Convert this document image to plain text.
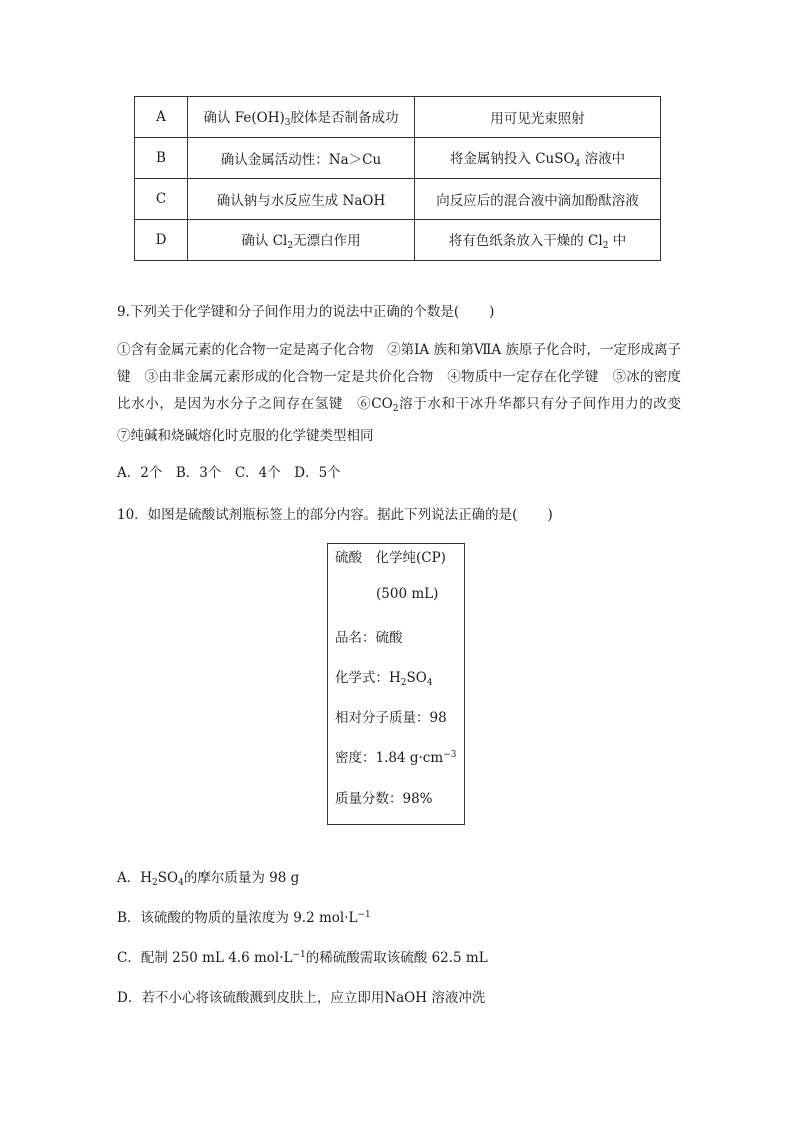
A	确认 $Fe(OH)_3$胶体是否制备成功	用可见光束照射
B	确认金属活动性：Na＞Cu	将金属钠投入 CuSO$_4$ 溶液中
C	确认钠与水反应生成 NaOH	向反应后的混合液中滴加酚酞溶液
D	确认 $Cl_2$无漂白作用	将有色纸条放入干燥的 $Cl_2$ 中
9.下列关于化学键和分子间作用力的说法中正确的个数是( )
①含有金属元素的化合物一定是离子化合物　②第ⅠA 族和第ⅦA 族原子化合时，一定形成离子键　③由非金属元素形成的化合物一定是共价化合物　④物质中一定存在化学键　⑤冰的密度比水小，是因为水分子之间存在氢键　$⑥CO_2$溶于水和干冰升华都只有分子间作用力的改变　⑦纯碱和烧碱熔化时克服的化学键类型相同
A．2个　B．3个　C．4个　D．5个
10．如图是硫酸试剂瓶标签上的部分内容。据此下列说法正确的是( )
硫酸　化学纯(CP)
(500 mL)
品名：硫酸
化学式：$H_2SO_4$
相对分子质量：98
密度：1.84 $g\cdot cm^{-3}$
质量分数：98%
A．$H_2SO_4$的摩尔质量为 98 g
B．该硫酸的物质的量浓度为 9.2 $mol\cdot L^{-1}$
C．配制 250 mL 4.6 $mol\cdot L^{-1}$的稀硫酸需取该硫酸 62.5 mL
D．若不小心将该硫酸溅到皮肤上，应立即用NaOH 溶液冲洗
